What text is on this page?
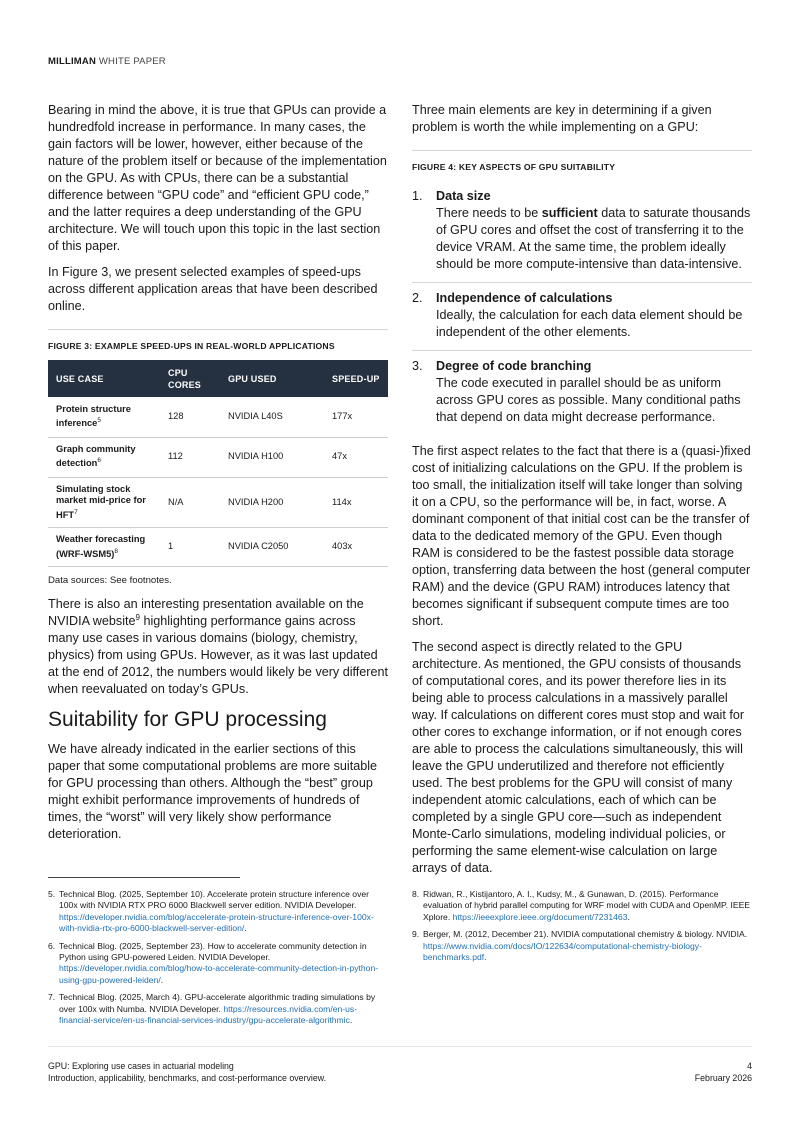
MILLIMAN WHITE PAPER

Bearing in mind the above, it is true that GPUs can provide a hundredfold increase in performance. In many cases, the gain factors will be lower, however, either because of the nature of the problem itself or because of the implementation on the GPU. As with CPUs, there can be a substantial difference between “GPU code” and “efficient GPU code,” and the latter requires a deep understanding of the GPU architecture. We will touch upon this topic in the last section of this paper.

In Figure 3, we present selected examples of speed-ups across different application areas that have been described online.

FIGURE 3: EXAMPLE SPEED-UPS IN REAL-WORLD APPLICATIONS
USE CASE	CPU CORES	GPU USED	SPEED-UP
Protein structure inference$^5$	128	NVIDIA L40S	177x
Graph community detection$^6$	112	NVIDIA H100	47x
Simulating stock market mid-price for HFT$^7$	N/A	NVIDIA H200	114x
Weather forecasting $(WRF-WSM5)^8$	1	NVIDIA C2050	403x
Data sources: See footnotes.

There is also an interesting presentation available on the NVIDIA website$^9$ highlighting performance gains across many use cases in various domains (biology, chemistry, physics) from using GPUs. However, as it was last updated at the end of 2012, the numbers would likely be very different when reevaluated on today’s GPUs.

Suitability for GPU processing

We have already indicated in the earlier sections of this paper that some computational problems are more suitable for GPU processing than others. Although the “best” group might exhibit performance improvements of hundreds of times, the “worst” will very likely show performance deterioration.

Three main elements are key in determining if a given problem is worth the while implementing on a GPU:

FIGURE 4: KEY ASPECTS OF GPU SUITABILITY
1.	Data size
There needs to be sufficient data to saturate thousands of GPU cores and offset the cost of transferring it to the device VRAM. At the same time, the problem ideally should be more compute-intensive than data-intensive.
2.	Independence of calculations
Ideally, the calculation for each data element should be independent of the other elements.
3.	Degree of code branching
The code executed in parallel should be as uniform across GPU cores as possible. Many conditional paths that depend on data might decrease performance.

The first aspect relates to the fact that there is a (quasi-)fixed cost of initializing calculations on the GPU. If the problem is too small, the initialization itself will take longer than solving it on a CPU, so the performance will be, in fact, worse. A dominant component of that initial cost can be the transfer of data to the dedicated memory of the GPU. Even though RAM is considered to be the fastest possible data storage option, transferring data between the host (general computer RAM) and the device (GPU RAM) introduces latency that becomes significant if subsequent compute times are too short.

The second aspect is directly related to the GPU architecture. As mentioned, the GPU consists of thousands of computational cores, and its power therefore lies in its being able to process calculations in a massively parallel way. If calculations on different cores must stop and wait for other cores to exchange information, or if not enough cores are able to process the calculations simultaneously, this will leave the GPU underutilized and therefore not efficiently used. The best problems for the GPU will consist of many independent atomic calculations, each of which can be completed by a single GPU core—such as independent Monte-Carlo simulations, modeling individual policies, or performing the same element-wise calculation on large arrays of data.

5. Technical Blog. (2025, September 10). Accelerate protein structure inference over 100x with NVIDIA RTX PRO 6000 Blackwell server edition. NVIDIA Developer. https://developer.nvidia.com/blog/accelerate-protein-structure-inference-over-100x-with-nvidia-rtx-pro-6000-blackwell-server-edition/.
6. Technical Blog. (2025, September 23). How to accelerate community detection in Python using GPU-powered Leiden. NVIDIA Developer. https://developer.nvidia.com/blog/how-to-accelerate-community-detection-in-python-using-gpu-powered-leiden/.
7. Technical Blog. (2025, March 4). GPU-accelerate algorithmic trading simulations by over 100x with Numba. NVIDIA Developer. https://resources.nvidia.com/en-us-financial-service/en-us-financial-services-industry/gpu-accelerate-algorithmic.
8. Ridwan, R., Kistijantoro, A. I., Kudsy, M., & Gunawan, D. (2015). Performance evaluation of hybrid parallel computing for WRF model with CUDA and OpenMP. IEEE Xplore. https://ieeexplore.ieee.org/document/7231463.
9. Berger, M. (2012, December 21). NVIDIA computational chemistry & biology. NVIDIA. https://www.nvidia.com/docs/IO/122634/computational-chemistry-biology-benchmarks.pdf.
GPU: Exploring use cases in actuarial modeling
Introduction, applicability, benchmarks, and cost-performance overview.
4
February 2026
